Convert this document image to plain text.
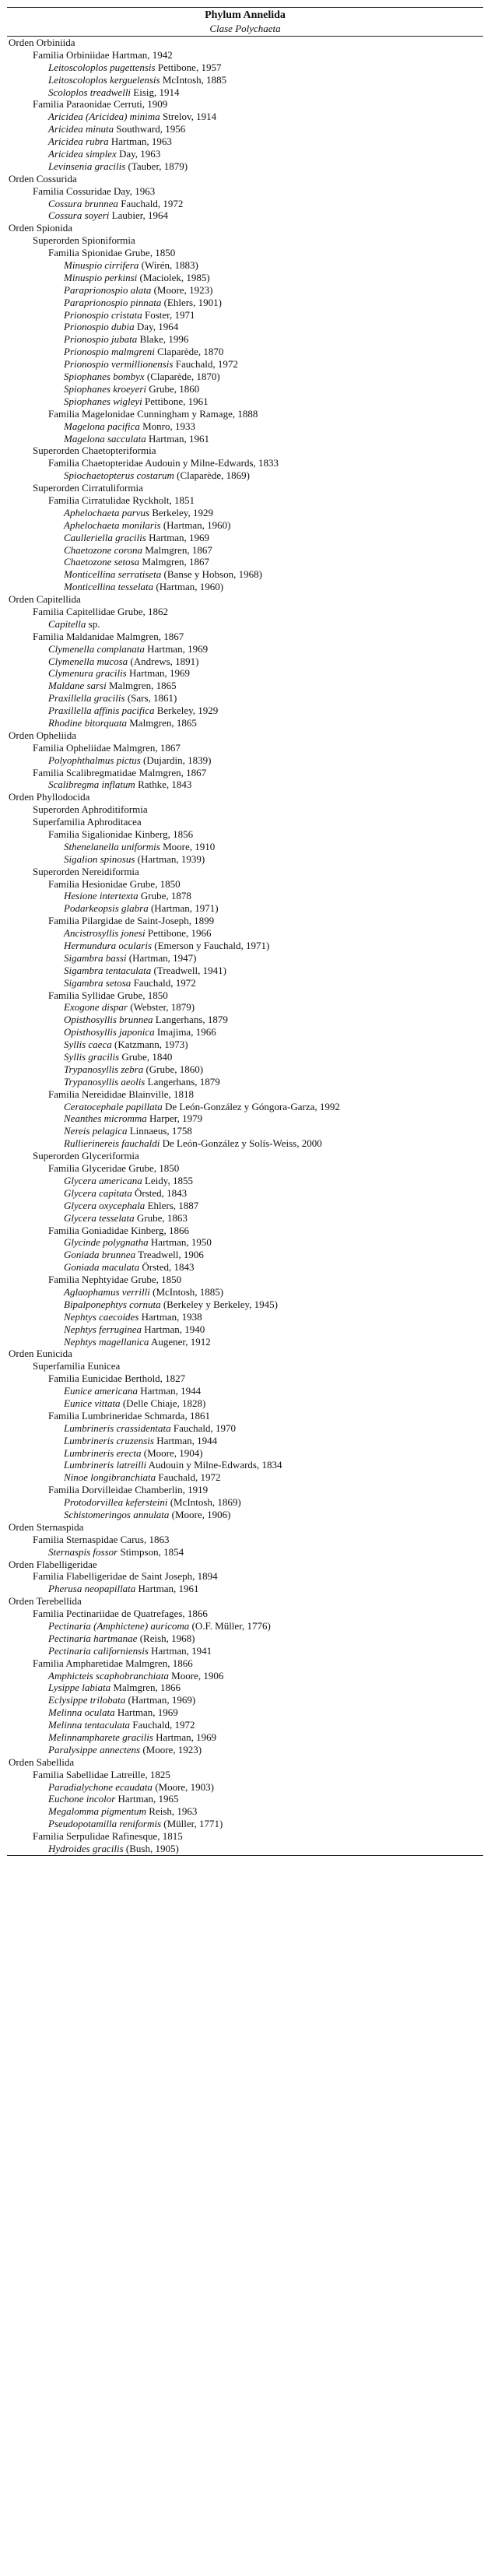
Phylum Annelida
Clase Polychaeta
Orden Orbiniida
Familia Orbiniidae Hartman, 1942
Leitoscoloplos pugettensis Pettibone, 1957
Leitoscoloplos kerguelensis McIntosh, 1885
Scoloplos treadwelli Eisig, 1914
Familia Paraonidae Cerruti, 1909
Aricidea (Aricidea) minima Strelov, 1914
Aricidea minuta Southward, 1956
Aricidea rubra Hartman, 1963
Aricidea simplex Day, 1963
Levinsenia gracilis (Tauber, 1879)
Orden Cossurida
Familia Cossuridae Day, 1963
Cossura brunnea Fauchald, 1972
Cossura soyeri Laubier, 1964
Orden Spionida
Superorden Spioniformia
Familia Spionidae Grube, 1850
Minuspio cirrifera (Wirén, 1883)
Minuspio perkinsi (Maciolek, 1985)
Paraprionospio alata (Moore, 1923)
Paraprionospio pinnata (Ehlers, 1901)
Prionospio cristata Foster, 1971
Prionospio dubia Day, 1964
Prionospio jubata Blake, 1996
Prionospio malmgreni Claparède, 1870
Prionospio vermillionensis Fauchald, 1972
Spiophanes bombyx (Claparède, 1870)
Spiophanes kroeyeri Grube, 1860
Spiophanes wigleyi Pettibone, 1961
Familia Magelonidae Cunningham y Ramage, 1888
Magelona pacifica Monro, 1933
Magelona sacculata Hartman, 1961
Superorden Chaetopteriformia
Familia Chaetopteridae Audouin y Milne-Edwards, 1833
Spiochaetopterus costarum (Claparède, 1869)
Superorden Cirratuliformia
Familia Cirratulidae Ryckholt, 1851
Aphelochaeta parvus Berkeley, 1929
Aphelochaeta monilaris (Hartman, 1960)
Caulleriella gracilis Hartman, 1969
Chaetozone corona Malmgren, 1867
Chaetozone setosa Malmgren, 1867
Monticellina serratiseta (Banse y Hobson, 1968)
Monticellina tesselata (Hartman, 1960)
Orden Capitellida
Familia Capitellidae Grube, 1862
Capitella sp.
Familia Maldanidae Malmgren, 1867
Clymenella complanata Hartman, 1969
Clymenella mucosa (Andrews, 1891)
Clymenura gracilis Hartman, 1969
Maldane sarsi Malmgren, 1865
Praxillella gracilis (Sars, 1861)
Praxillella affinis pacifica Berkeley, 1929
Rhodine bitorquata Malmgren, 1865
Orden Opheliida
Familia Opheliidae Malmgren, 1867
Polyophthalmus pictus (Dujardin, 1839)
Familia Scalibregmatidae Malmgren, 1867
Scalibregma inflatum Rathke, 1843
Orden Phyllodocida
Superorden Aphroditiformia
Superfamilia Aphroditacea
Familia Sigalionidae Kinberg, 1856
Sthenelanella uniformis Moore, 1910
Sigalion spinosus (Hartman, 1939)
Superorden Nereidiformia
Familia Hesionidae Grube, 1850
Hesione intertexta Grube, 1878
Podarkeopsis glabra (Hartman, 1971)
Familia Pilargidae de Saint-Joseph, 1899
Ancistrosyllis jonesi Pettibone, 1966
Hermundura ocularis (Emerson y Fauchald, 1971)
Sigambra bassi (Hartman, 1947)
Sigambra tentaculata (Treadwell, 1941)
Sigambra setosa Fauchald, 1972
Familia Syllidae Grube, 1850
Exogone dispar (Webster, 1879)
Opisthosyllis brunnea Langerhans, 1879
Opisthosyllis japonica Imajima, 1966
Syllis caeca (Katzmann, 1973)
Syllis gracilis Grube, 1840
Trypanosyllis zebra (Grube, 1860)
Trypanosyllis aeolis Langerhans, 1879
Familia Nereididae Blainville, 1818
Ceratocephale papillata De León-González y Góngora-Garza, 1992
Neanthes micromma Harper, 1979
Nereis pelagica Linnaeus, 1758
Rullierinereis fauchaldi De León-González y Solís-Weiss, 2000
Superorden Glyceriformia
Familia Glyceridae Grube, 1850
Glycera americana Leidy, 1855
Glycera capitata Örsted, 1843
Glycera oxycephala Ehlers, 1887
Glycera tesselata Grube, 1863
Familia Goniadidae Kinberg, 1866
Glycinde polygnatha Hartman, 1950
Goniada brunnea Treadwell, 1906
Goniada maculata Örsted, 1843
Familia Nephtyidae Grube, 1850
Aglaophamus verrilli (McIntosh, 1885)
Bipalponephtys cornuta (Berkeley y Berkeley, 1945)
Nephtys caecoides Hartman, 1938
Nephtys ferruginea Hartman, 1940
Nephtys magellanica Augener, 1912
Orden Eunicida
Superfamilia Eunicea
Familia Eunicidae Berthold, 1827
Eunice americana Hartman, 1944
Eunice vittata (Delle Chiaje, 1828)
Familia Lumbrineridae Schmarda, 1861
Lumbrineris crassidentata Fauchald, 1970
Lumbrineris cruzensis Hartman, 1944
Lumbrineris erecta (Moore, 1904)
Lumbrineris latreilli Audouin y Milne-Edwards, 1834
Ninoe longibranchiata Fauchald, 1972
Familia Dorvilleidae Chamberlin, 1919
Protodorvillea kefersteini (McIntosh, 1869)
Schistomeringos annulata (Moore, 1906)
Orden Sternaspida
Familia Sternaspidae Carus, 1863
Sternaspis fossor Stimpson, 1854
Orden Flabelligeridae
Familia Flabelligeridae de Saint Joseph, 1894
Pherusa neopapillata Hartman, 1961
Orden Terebellida
Familia Pectinariidae de Quatrefages, 1866
Pectinaria (Amphictene) auricoma (O.F. Müller, 1776)
Pectinaria hartmanae (Reish, 1968)
Pectinaria californiensis Hartman, 1941
Familia Ampharetidae Malmgren, 1866
Amphicteis scaphobranchiata Moore, 1906
Lysippe labiata Malmgren, 1866
Eclysippe trilobata (Hartman, 1969)
Melinna oculata Hartman, 1969
Melinna tentaculata Fauchald, 1972
Melinnampharete gracilis Hartman, 1969
Paralysippe annectens (Moore, 1923)
Orden Sabellida
Familia Sabellidae Latreille, 1825
Paradialychone ecaudata (Moore, 1903)
Euchone incolor Hartman, 1965
Megalomma pigmentum Reish, 1963
Pseudopotamilla reniformis (Müller, 1771)
Familia Serpulidae Rafinesque, 1815
Hydroides gracilis (Bush, 1905)
